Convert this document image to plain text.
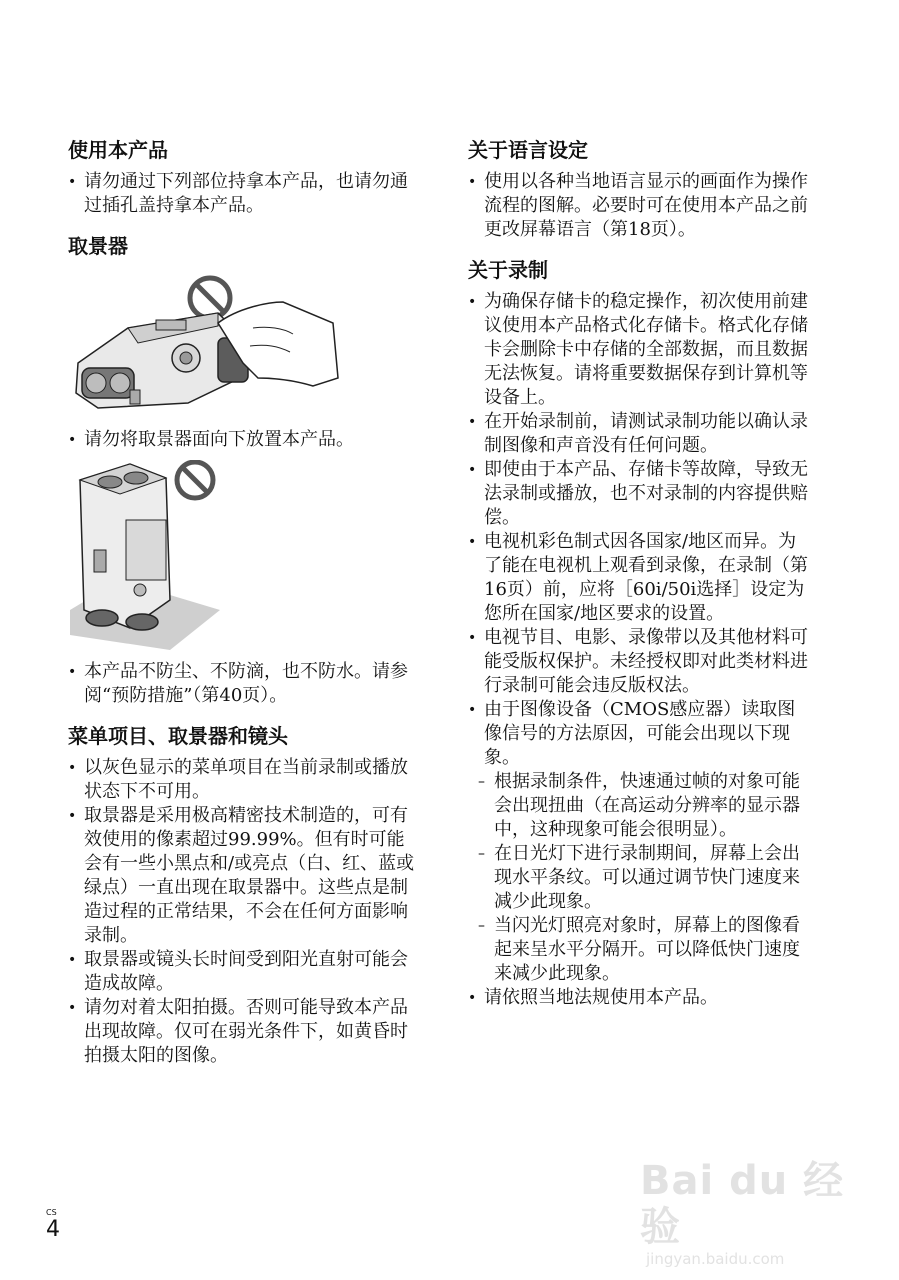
使用本产品
• 请勿通过下列部位持拿本产品，也请勿通过插孔盖持拿本产品。
取景器
• 请勿将取景器面向下放置本产品。
• 本产品不防尘、不防滴，也不防水。请参阅“预防措施”（第40页）。
菜单项目、取景器和镜头
• 以灰色显示的菜单项目在当前录制或播放状态下不可用。
• 取景器是采用极高精密技术制造的，可有效使用的像素超过99.99%。但有时可能会有一些小黑点和/或亮点（白、红、蓝或绿点）一直出现在取景器中。这些点是制造过程的正常结果，不会在任何方面影响录制。
• 取景器或镜头长时间受到阳光直射可能会造成故障。
• 请勿对着太阳拍摄。否则可能导致本产品出现故障。仅可在弱光条件下，如黄昏时拍摄太阳的图像。
关于语言设定
• 使用以各种当地语言显示的画面作为操作流程的图解。必要时可在使用本产品之前更改屏幕语言（第18页）。
关于录制
• 为确保存储卡的稳定操作，初次使用前建议使用本产品格式化存储卡。格式化存储卡会删除卡中存储的全部数据，而且数据无法恢复。请将重要数据保存到计算机等设备上。
• 在开始录制前，请测试录制功能以确认录制图像和声音没有任何问题。
• 即使由于本产品、存储卡等故障，导致无法录制或播放，也不对录制的内容提供赔偿。
• 电视机彩色制式因各国家/地区而异。为了能在电视机上观看到录像，在录制（第16页）前，应将［60i/50i选择］设定为您所在国家/地区要求的设置。
• 电视节目、电影、录像带以及其他材料可能受版权保护。未经授权即对此类材料进行录制可能会违反版权法。
• 由于图像设备（CMOS感应器）读取图像信号的方法原因，可能会出现以下现象。
– 根据录制条件，快速通过帧的对象可能会出现扭曲（在高运动分辨率的显示器中，这种现象可能会很明显）。
– 在日光灯下进行录制期间，屏幕上会出现水平条纹。可以通过调节快门速度来减少此现象。
– 当闪光灯照亮对象时，屏幕上的图像看起来呈水平分隔开。可以降低快门速度来减少此现象。
• 请依照当地法规使用本产品。
CS
4
Bai du 经验
jingyan.baidu.com
